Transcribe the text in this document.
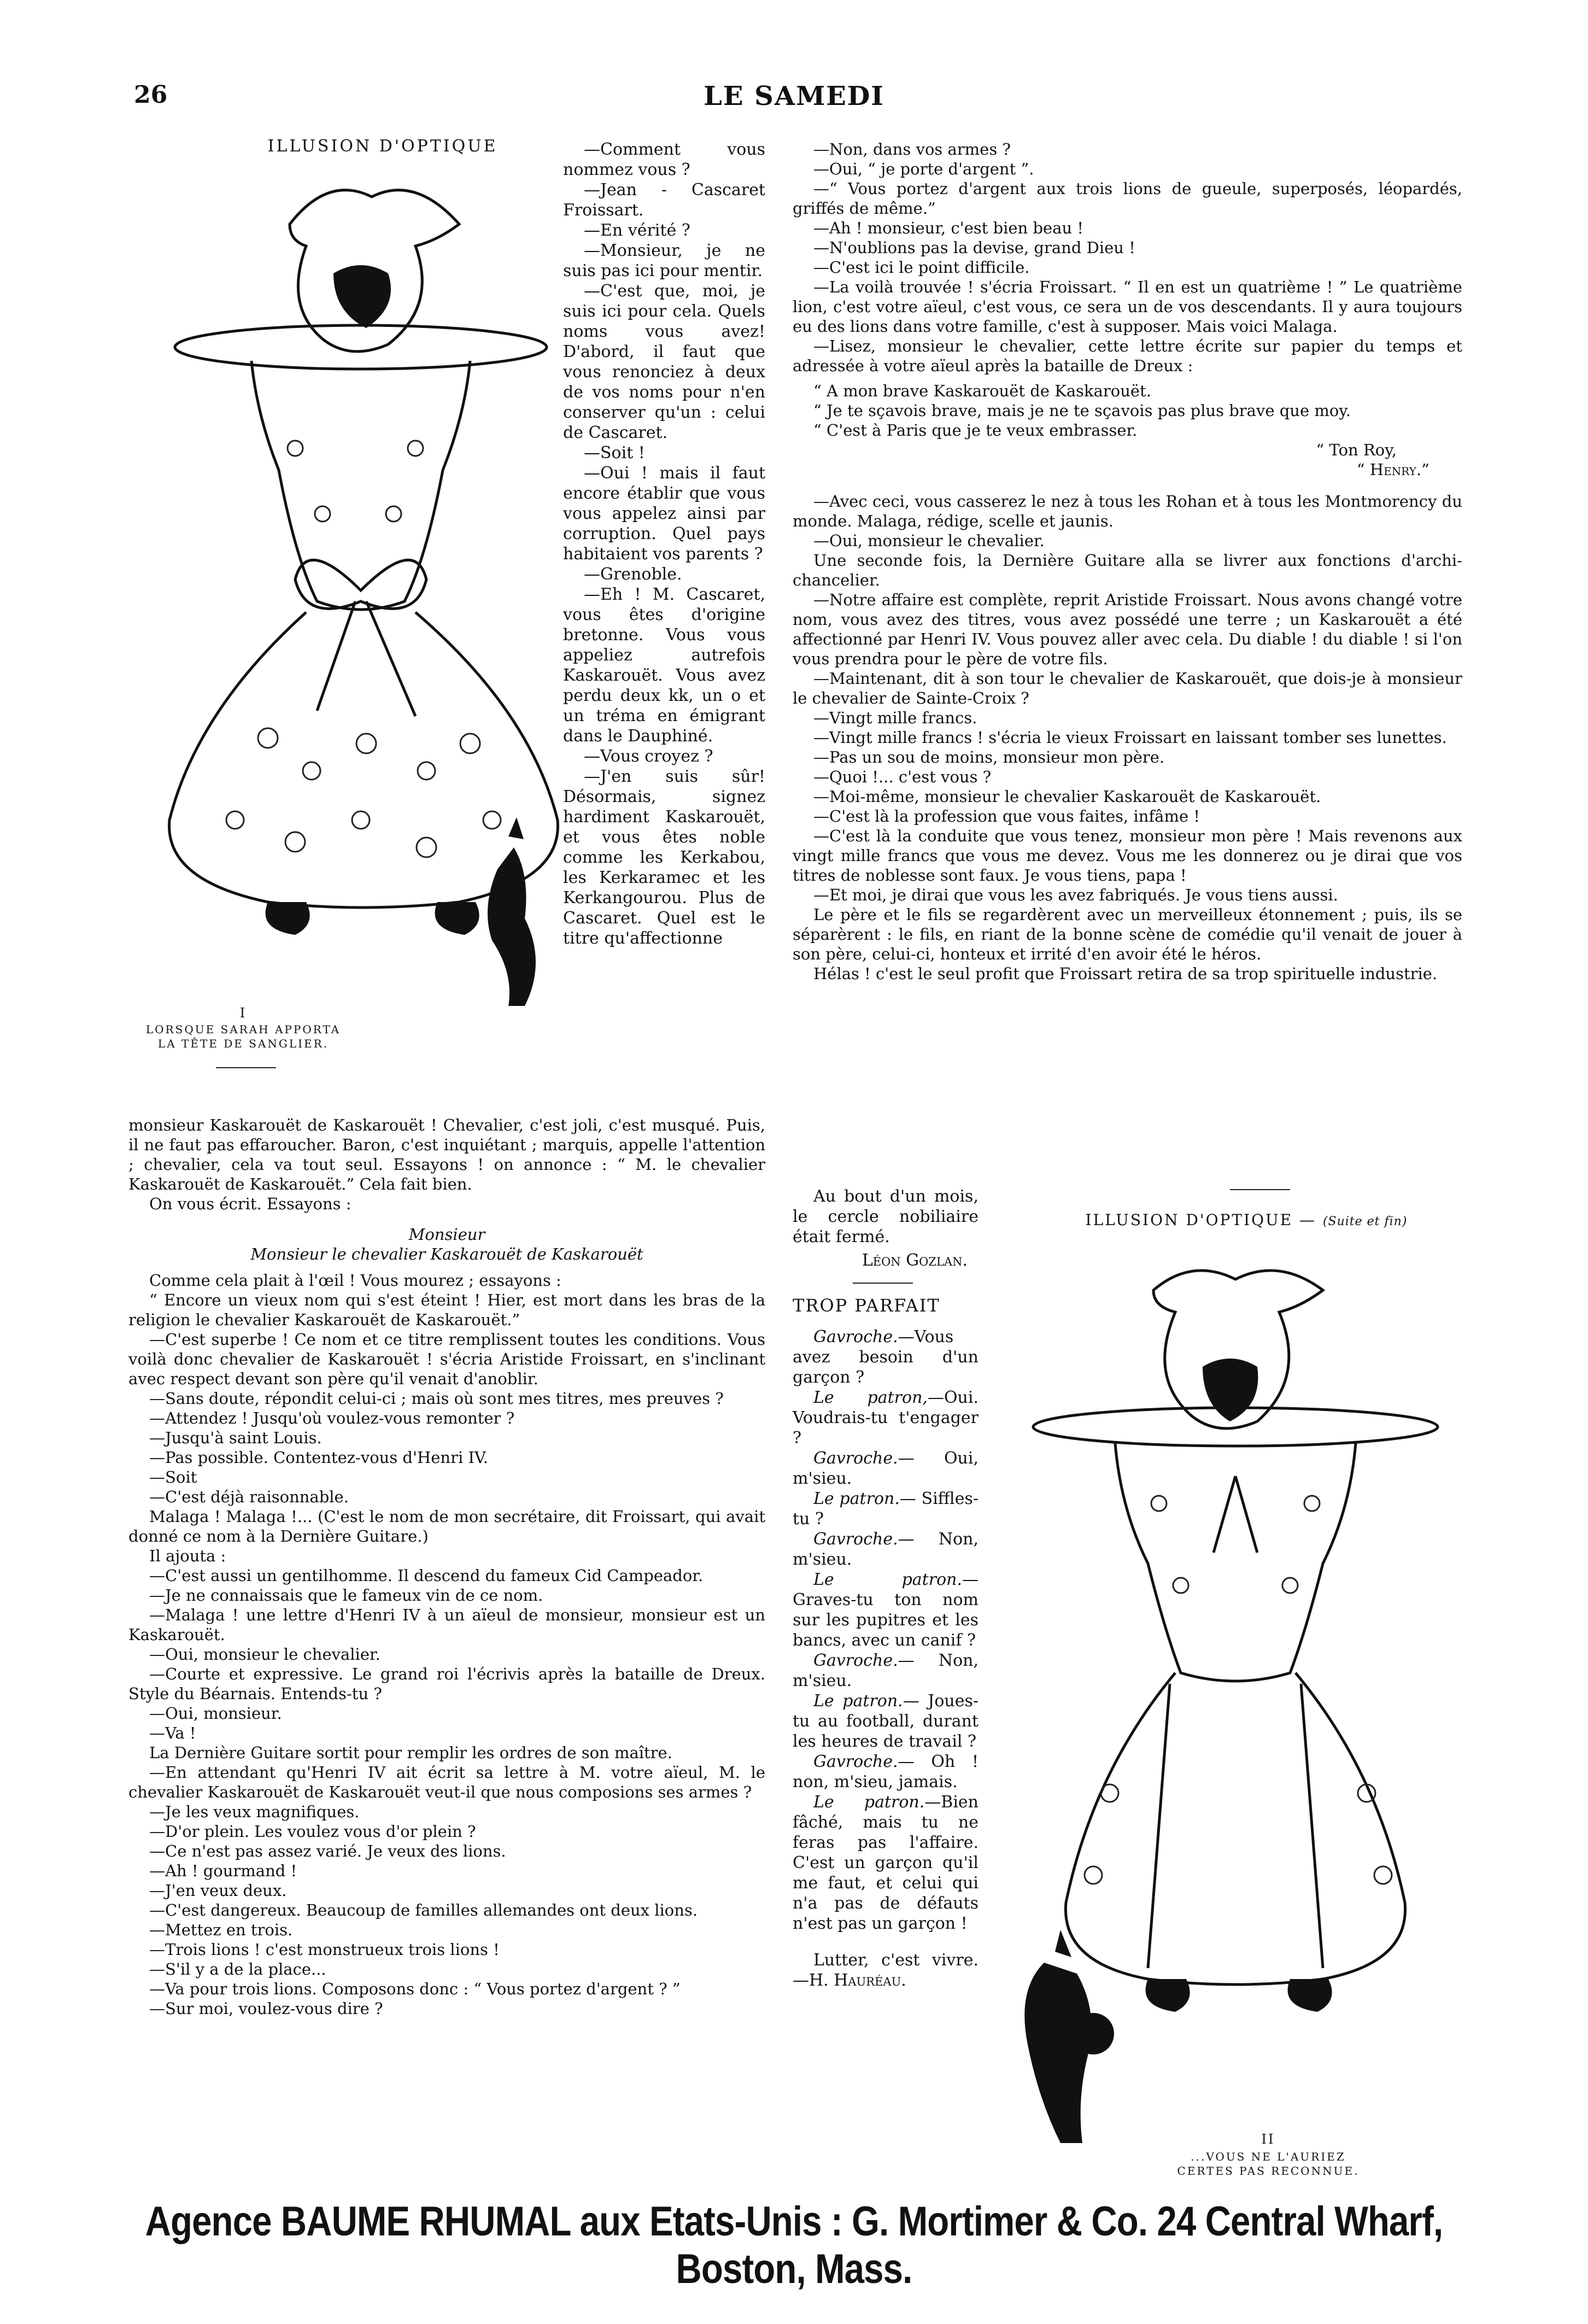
26	LE SAMEDI
ILLUSION D'OPTIQUE
I
LORSQUE SARAH APPORTA LA TÊTE DE SANGLIER.

—Comment vous nommez vous ?

—Jean - Cascaret Froissart.

—En vérité ?

—Monsieur, je ne suis pas ici pour mentir.

—C'est que, moi, je suis ici pour cela. Quels noms vous avez! D'abord, il faut que vous renonciez à deux de vos noms pour n'en conserver qu'un : celui de Cascaret.

—Soit !

—Oui ! mais il faut encore établir que vous vous appelez ainsi par corruption. Quel pays habitaient vos parents ?

—Grenoble.

—Eh ! M. Cascaret, vous êtes d'origine bretonne. Vous vous appeliez autrefois Kaskarouët. Vous avez perdu deux kk, un o et un tréma en émigrant dans le Dauphiné.

—Vous croyez ?

—J'en suis sûr! Désormais, signez hardiment Kaskarouët, et vous êtes noble comme les Kerkabou, les Kerkaramec et les Kerkangourou. Plus de Cascaret. Quel est le titre qu'affectionne

monsieur Kaskarouët de Kaskarouët ! Chevalier, c'est joli, c'est musqué. Puis, il ne faut pas effaroucher. Baron, c'est inquiétant ; marquis, appelle l'attention ; chevalier, cela va tout seul. Essayons ! on annonce : “ M. le chevalier Kaskarouët de Kaskarouët.” Cela fait bien.

On vous écrit. Essayons :

Monsieur

Monsieur le chevalier Kaskarouët de Kaskarouët

Comme cela plait à l'œil ! Vous mourez ; essayons :

“ Encore un vieux nom qui s'est éteint ! Hier, est mort dans les bras de la religion le chevalier Kaskarouët de Kaskarouët.”

—C'est superbe ! Ce nom et ce titre remplissent toutes les conditions. Vous voilà donc chevalier de Kaskarouët ! s'écria Aristide Froissart, en s'inclinant avec respect devant son père qu'il venait d'anoblir.

—Sans doute, répondit celui-ci ; mais où sont mes titres, mes preuves ?

—Attendez ! Jusqu'où voulez-vous remonter ?

—Jusqu'à saint Louis.

—Pas possible. Contentez-vous d'Henri IV.

—Soit

—C'est déjà raisonnable.

Malaga ! Malaga !... (C'est le nom de mon secrétaire, dit Froissart, qui avait donné ce nom à la Dernière Guitare.)

Il ajouta :

—C'est aussi un gentilhomme. Il descend du fameux Cid Campeador.

—Je ne connaissais que le fameux vin de ce nom.

—Malaga ! une lettre d'Henri IV à un aïeul de monsieur, monsieur est un Kaskarouët.

—Oui, monsieur le chevalier.

—Courte et expressive. Le grand roi l'écrivis après la bataille de Dreux. Style du Béarnais. Entends-tu ?

—Oui, monsieur.

—Va !

La Dernière Guitare sortit pour remplir les ordres de son maître.

—En attendant qu'Henri IV ait écrit sa lettre à M. votre aïeul, M. le chevalier Kaskarouët de Kaskarouët veut-il que nous composions ses armes ?

—Je les veux magnifiques.

—D'or plein. Les voulez vous d'or plein ?

—Ce n'est pas assez varié. Je veux des lions.

—Ah ! gourmand !

—J'en veux deux.

—C'est dangereux. Beaucoup de familles allemandes ont deux lions.

—Mettez en trois.

—Trois lions ! c'est monstrueux trois lions !

—S'il y a de la place...

—Va pour trois lions. Composons donc : “ Vous portez d'argent ? ”

—Sur moi, voulez-vous dire ?

—Non, dans vos armes ?

—Oui, “ je porte d'argent ”.

—“ Vous portez d'argent aux trois lions de gueule, superposés, léopardés, griffés de même.”

—Ah ! monsieur, c'est bien beau !

—N'oublions pas la devise, grand Dieu !

—C'est ici le point difficile.

—La voilà trouvée ! s'écria Froissart. “ Il en est un quatrième ! ” Le quatrième lion, c'est votre aïeul, c'est vous, ce sera un de vos descendants. Il y aura toujours eu des lions dans votre famille, c'est à supposer. Mais voici Malaga.

—Lisez, monsieur le chevalier, cette lettre écrite sur papier du temps et adressée à votre aïeul après la bataille de Dreux :

“ A mon brave Kaskarouët de Kaskarouët.

“ Je te sçavois brave, mais je ne te sçavois pas plus brave que moy.

“ C'est à Paris que je te veux embrasser.

“ Ton Roy,

“ Henry.”

—Avec ceci, vous casserez le nez à tous les Rohan et à tous les Montmorency du monde. Malaga, rédige, scelle et jaunis.

—Oui, monsieur le chevalier.

Une seconde fois, la Dernière Guitare alla se livrer aux fonctions d'archi-chancelier.

—Notre affaire est complète, reprit Aristide Froissart. Nous avons changé votre nom, vous avez des titres, vous avez possédé une terre ; un Kaskarouët a été affectionné par Henri IV. Vous pouvez aller avec cela. Du diable ! du diable ! si l'on vous prendra pour le père de votre fils.

—Maintenant, dit à son tour le chevalier de Kaskarouët, que dois-je à monsieur le chevalier de Sainte-Croix ?

—Vingt mille francs.

—Vingt mille francs ! s'écria le vieux Froissart en laissant tomber ses lunettes.

—Pas un sou de moins, monsieur mon père.

—Quoi !... c'est vous ?

—Moi-même, monsieur le chevalier Kaskarouët de Kaskarouët.

—C'est là la profession que vous faites, infâme !

—C'est là la conduite que vous tenez, monsieur mon père ! Mais revenons aux vingt mille francs que vous me devez. Vous me les donnerez ou je dirai que vos titres de noblesse sont faux. Je vous tiens, papa !

—Et moi, je dirai que vous les avez fabriqués. Je vous tiens aussi.

Le père et le fils se regardèrent avec un merveilleux étonnement ; puis, ils se séparèrent : le fils, en riant de la bonne scène de comédie qu'il venait de jouer à son père, celui-ci, honteux et irrité d'en avoir été le héros.

Hélas ! c'est le seul profit que Froissart retira de sa trop spirituelle industrie.

Au bout d'un mois, le cercle nobiliaire était fermé.

Léon Gozlan.

TROP PARFAIT

Gavroche.—Vous avez besoin d'un garçon ?

Le patron,—Oui. Voudrais-tu t'engager ?

Gavroche.— Oui, m'sieu.

Le patron.— Siffles-tu ?

Gavroche.— Non, m'sieu.

Le patron.—Graves-tu ton nom sur les pupitres et les bancs, avec un canif ?

Gavroche.— Non, m'sieu.

Le patron.— Joues-tu au football, durant les heures de travail ?

Gavroche.— Oh ! non, m'sieu, jamais.

Le patron.—Bien fâché, mais tu ne feras pas l'affaire. C'est un garçon qu'il me faut, et celui qui n'a pas de défauts n'est pas un garçon !

Lutter, c'est vivre.—H. Hauréau.

ILLUSION D'OPTIQUE — (Suite et fin)
II
...VOUS NE L'AURIEZ CERTES PAS RECONNUE.
Agence BAUME RHUMAL aux Etats-Unis : G. Mortimer & Co. 24 Central Wharf, Boston, Mass.
